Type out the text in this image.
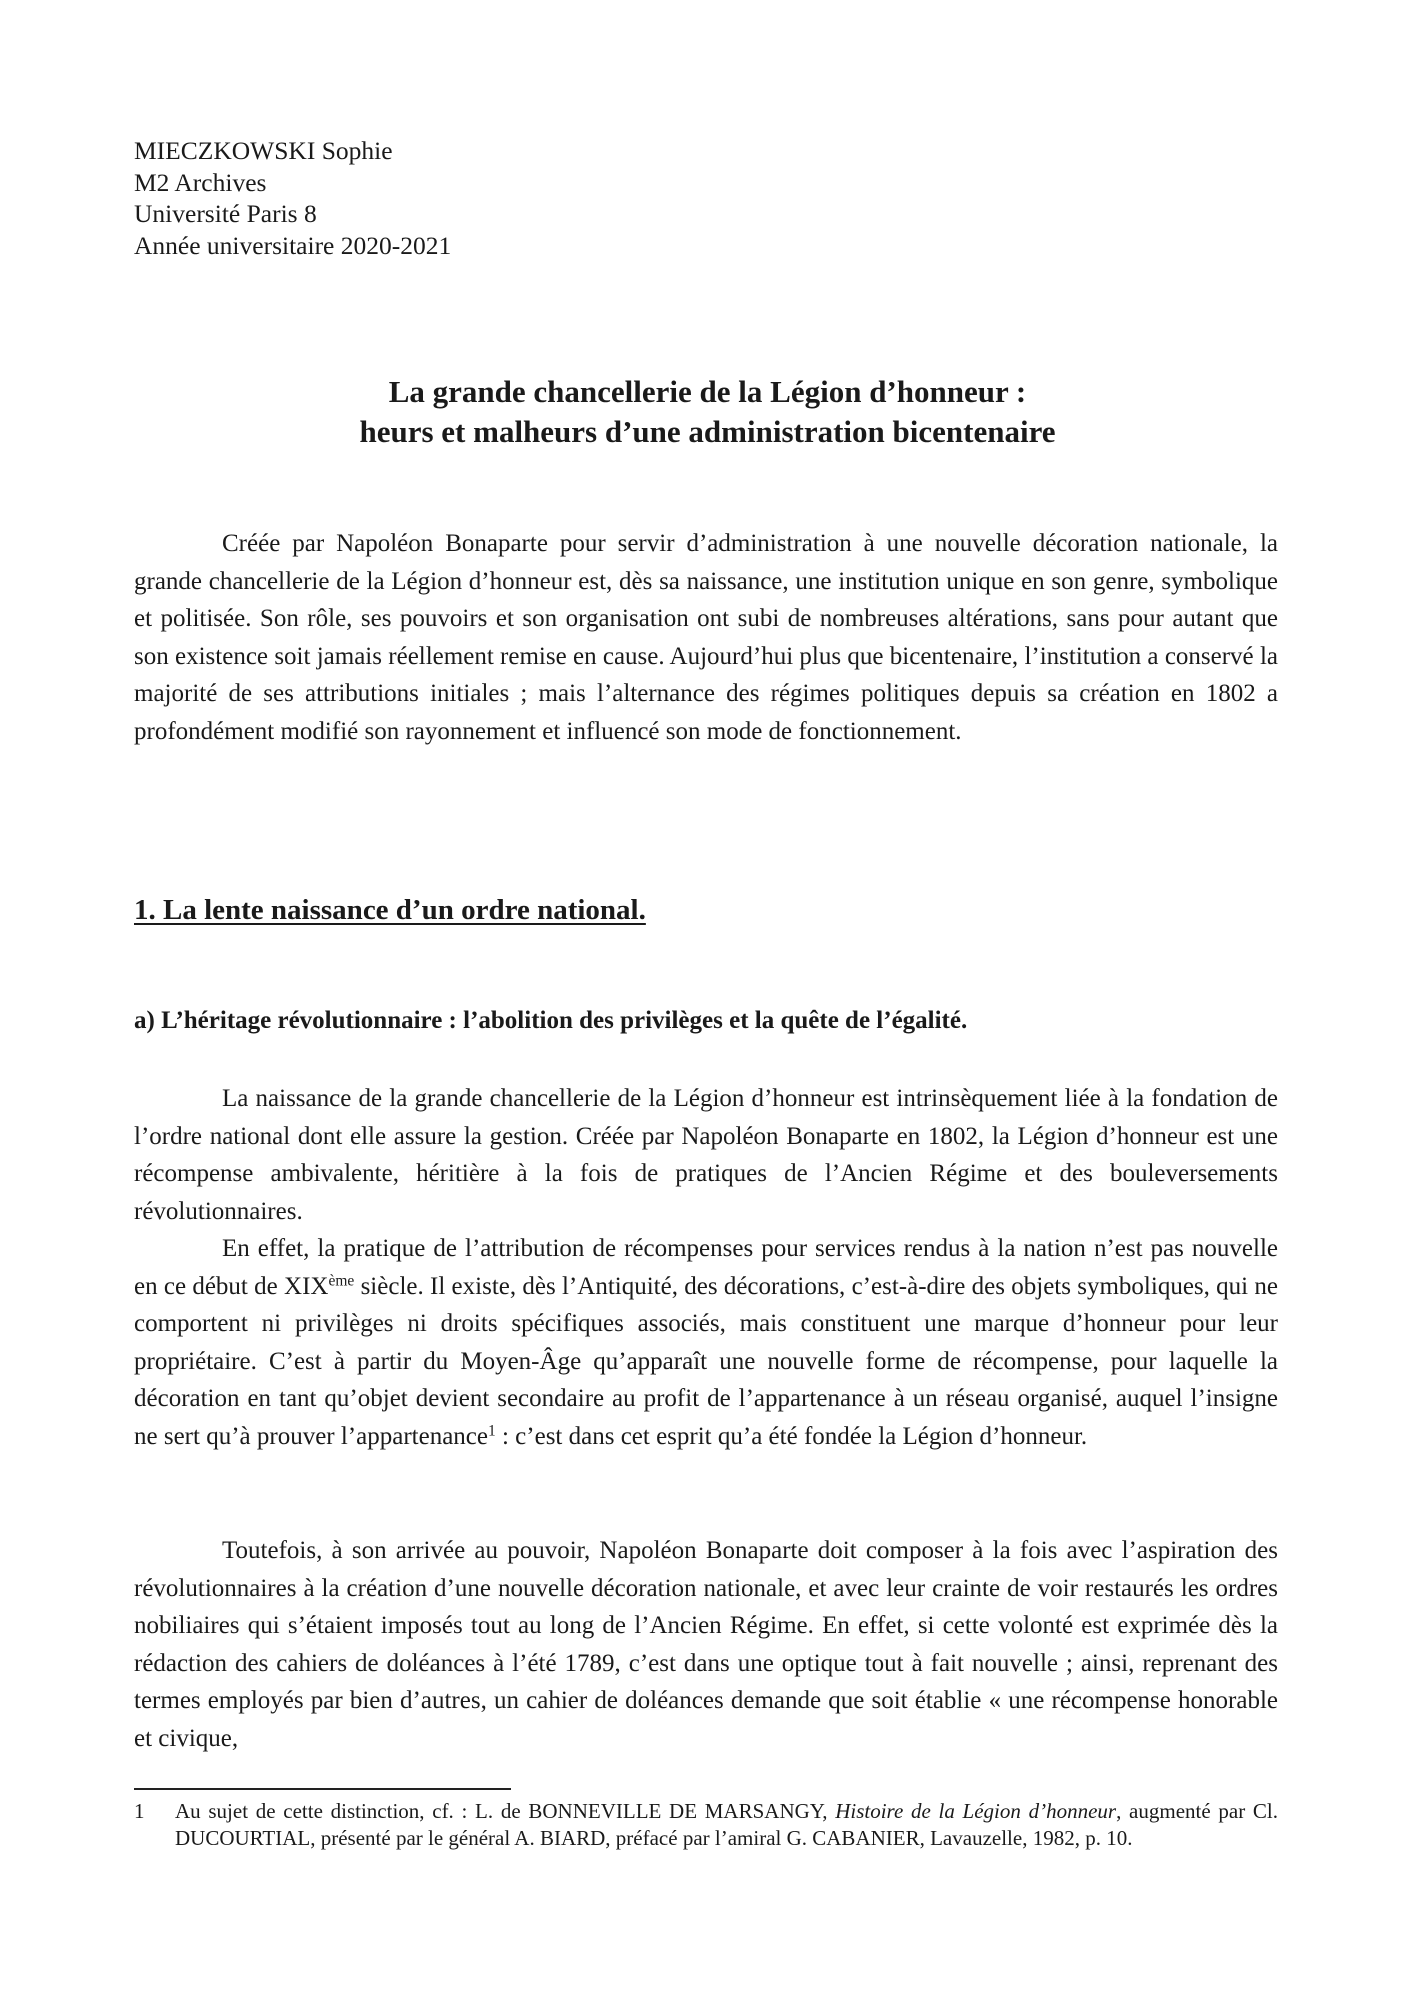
MIECZKOWSKI Sophie
M2 Archives
Université Paris 8
Année universitaire 2020-2021
La grande chancellerie de la Légion d’honneur :
heurs et malheurs d’une administration bicentenaire

Créée par Napoléon Bonaparte pour servir d’administration à une nouvelle décoration nationale, la grande chancellerie de la Légion d’honneur est, dès sa naissance, une institution unique en son genre, symbolique et politisée. Son rôle, ses pouvoirs et son organisation ont subi de nombreuses altérations, sans pour autant que son existence soit jamais réellement remise en cause. Aujourd’hui plus que bicentenaire, l’institution a conservé la majorité de ses attributions initiales ; mais l’alternance des régimes politiques depuis sa création en 1802 a profondément modifié son rayonnement et influencé son mode de fonctionnement.

1. La lente naissance d’un ordre national.
a) L’héritage révolutionnaire : l’abolition des privilèges et la quête de l’égalité.

La naissance de la grande chancellerie de la Légion d’honneur est intrinsèquement liée à la fondation de l’ordre national dont elle assure la gestion. Créée par Napoléon Bonaparte en 1802, la Légion d’honneur est une récompense ambivalente, héritière à la fois de pratiques de l’Ancien Régime et des bouleversements révolutionnaires.

En effet, la pratique de l’attribution de récompenses pour services rendus à la nation n’est pas nouvelle en ce début de XIXème siècle. Il existe, dès l’Antiquité, des décorations, c’est-à-dire des objets symboliques, qui ne comportent ni privilèges ni droits spécifiques associés, mais constituent une marque d’honneur pour leur propriétaire. C’est à partir du Moyen-Âge qu’apparaît une nouvelle forme de récompense, pour laquelle la décoration en tant qu’objet devient secondaire au profit de l’appartenance à un réseau organisé, auquel l’insigne ne sert qu’à prouver l’appartenance$^1$ : c’est dans cet esprit qu’a été fondée la Légion d’honneur.

Toutefois, à son arrivée au pouvoir, Napoléon Bonaparte doit composer à la fois avec l’aspiration des révolutionnaires à la création d’une nouvelle décoration nationale, et avec leur crainte de voir restaurés les ordres nobiliaires qui s’étaient imposés tout au long de l’Ancien Régime. En effet, si cette volonté est exprimée dès la rédaction des cahiers de doléances à l’été 1789, c’est dans une optique tout à fait nouvelle ; ainsi, reprenant des termes employés par bien d’autres, un cahier de doléances demande que soit établie « une récompense honorable et civique,

1 Au sujet de cette distinction, cf. : L. de BONNEVILLE DE MARSANGY, Histoire de la Légion d’honneur, augmenté par Cl. DUCOURTIAL, présenté par le général A. BIARD, préfacé par l’amiral G. CABANIER, Lavauzelle, 1982, p. 10.
